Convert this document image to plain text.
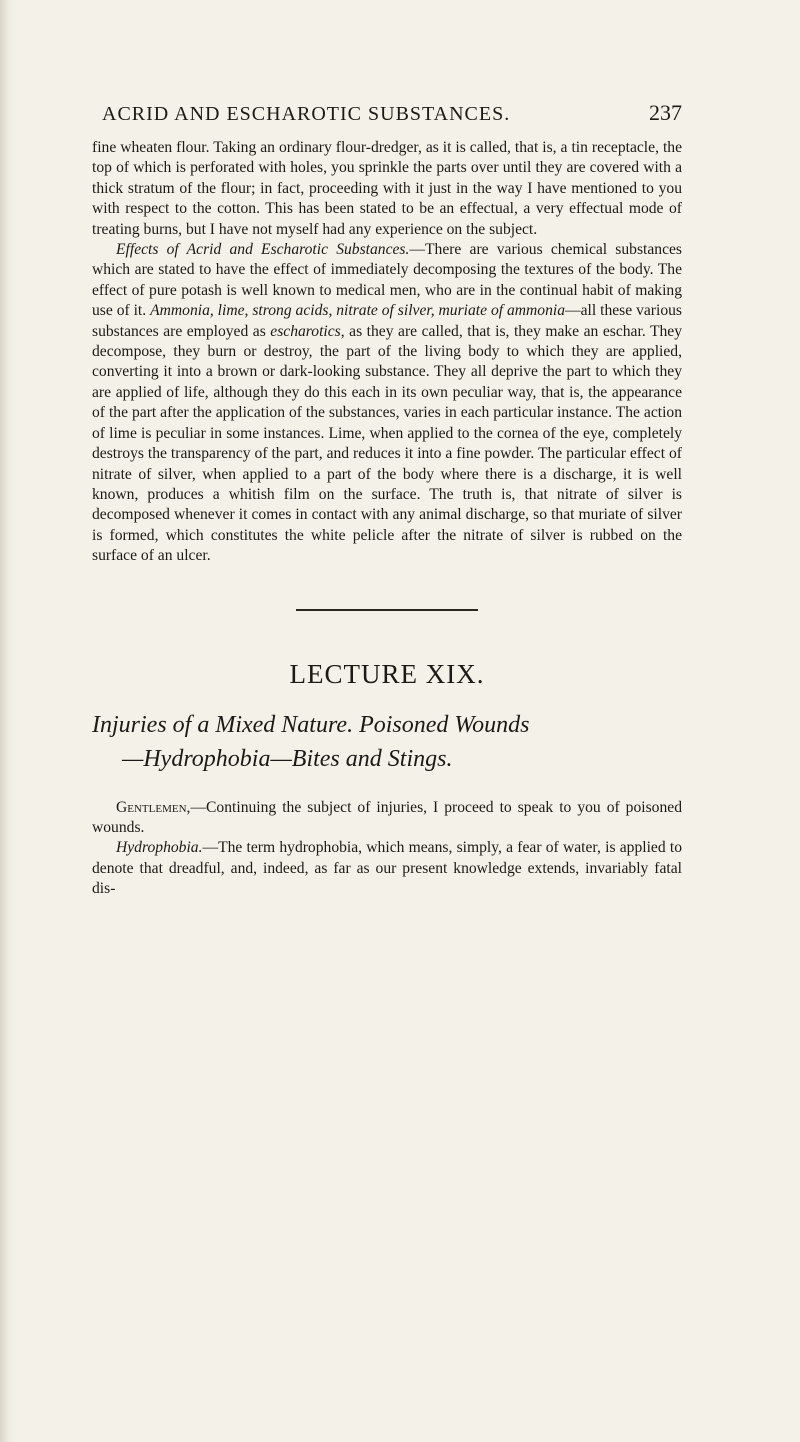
ACRID AND ESCHAROTIC SUBSTANCES.	237

fine wheaten flour. Taking an ordinary flour-dredger, as it is called, that is, a tin receptacle, the top of which is perforated with holes, you sprinkle the parts over until they are covered with a thick stratum of the flour; in fact, proceeding with it just in the way I have mentioned to you with respect to the cotton. This has been stated to be an effectual, a very effectual mode of treating burns, but I have not myself had any experience on the subject.

Effects of Acrid and Escharotic Substances.—There are various chemical substances which are stated to have the effect of immediately decomposing the textures of the body. The effect of pure potash is well known to medical men, who are in the continual habit of making use of it. Ammonia, lime, strong acids, nitrate of silver, muriate of ammonia—all these various substances are employed as escharotics, as they are called, that is, they make an eschar. They decompose, they burn or destroy, the part of the living body to which they are applied, converting it into a brown or dark-looking substance. They all deprive the part to which they are applied of life, although they do this each in its own peculiar way, that is, the appearance of the part after the application of the substances, varies in each particular instance. The action of lime is peculiar in some instances. Lime, when applied to the cornea of the eye, completely destroys the transparency of the part, and reduces it into a fine powder. The particular effect of nitrate of silver, when applied to a part of the body where there is a discharge, it is well known, produces a whitish film on the surface. The truth is, that nitrate of silver is decomposed whenever it comes in contact with any animal discharge, so that muriate of silver is formed, which constitutes the white pelicle after the nitrate of silver is rubbed on the surface of an ulcer.

LECTURE XIX.
Injuries of a Mixed Nature. Poisoned Wounds
—Hydrophobia—Bites and Stings.

Gentlemen,—Continuing the subject of injuries, I proceed to speak to you of poisoned wounds.

Hydrophobia.—The term hydrophobia, which means, simply, a fear of water, is applied to denote that dreadful, and, indeed, as far as our present knowledge extends, invariably fatal dis-
